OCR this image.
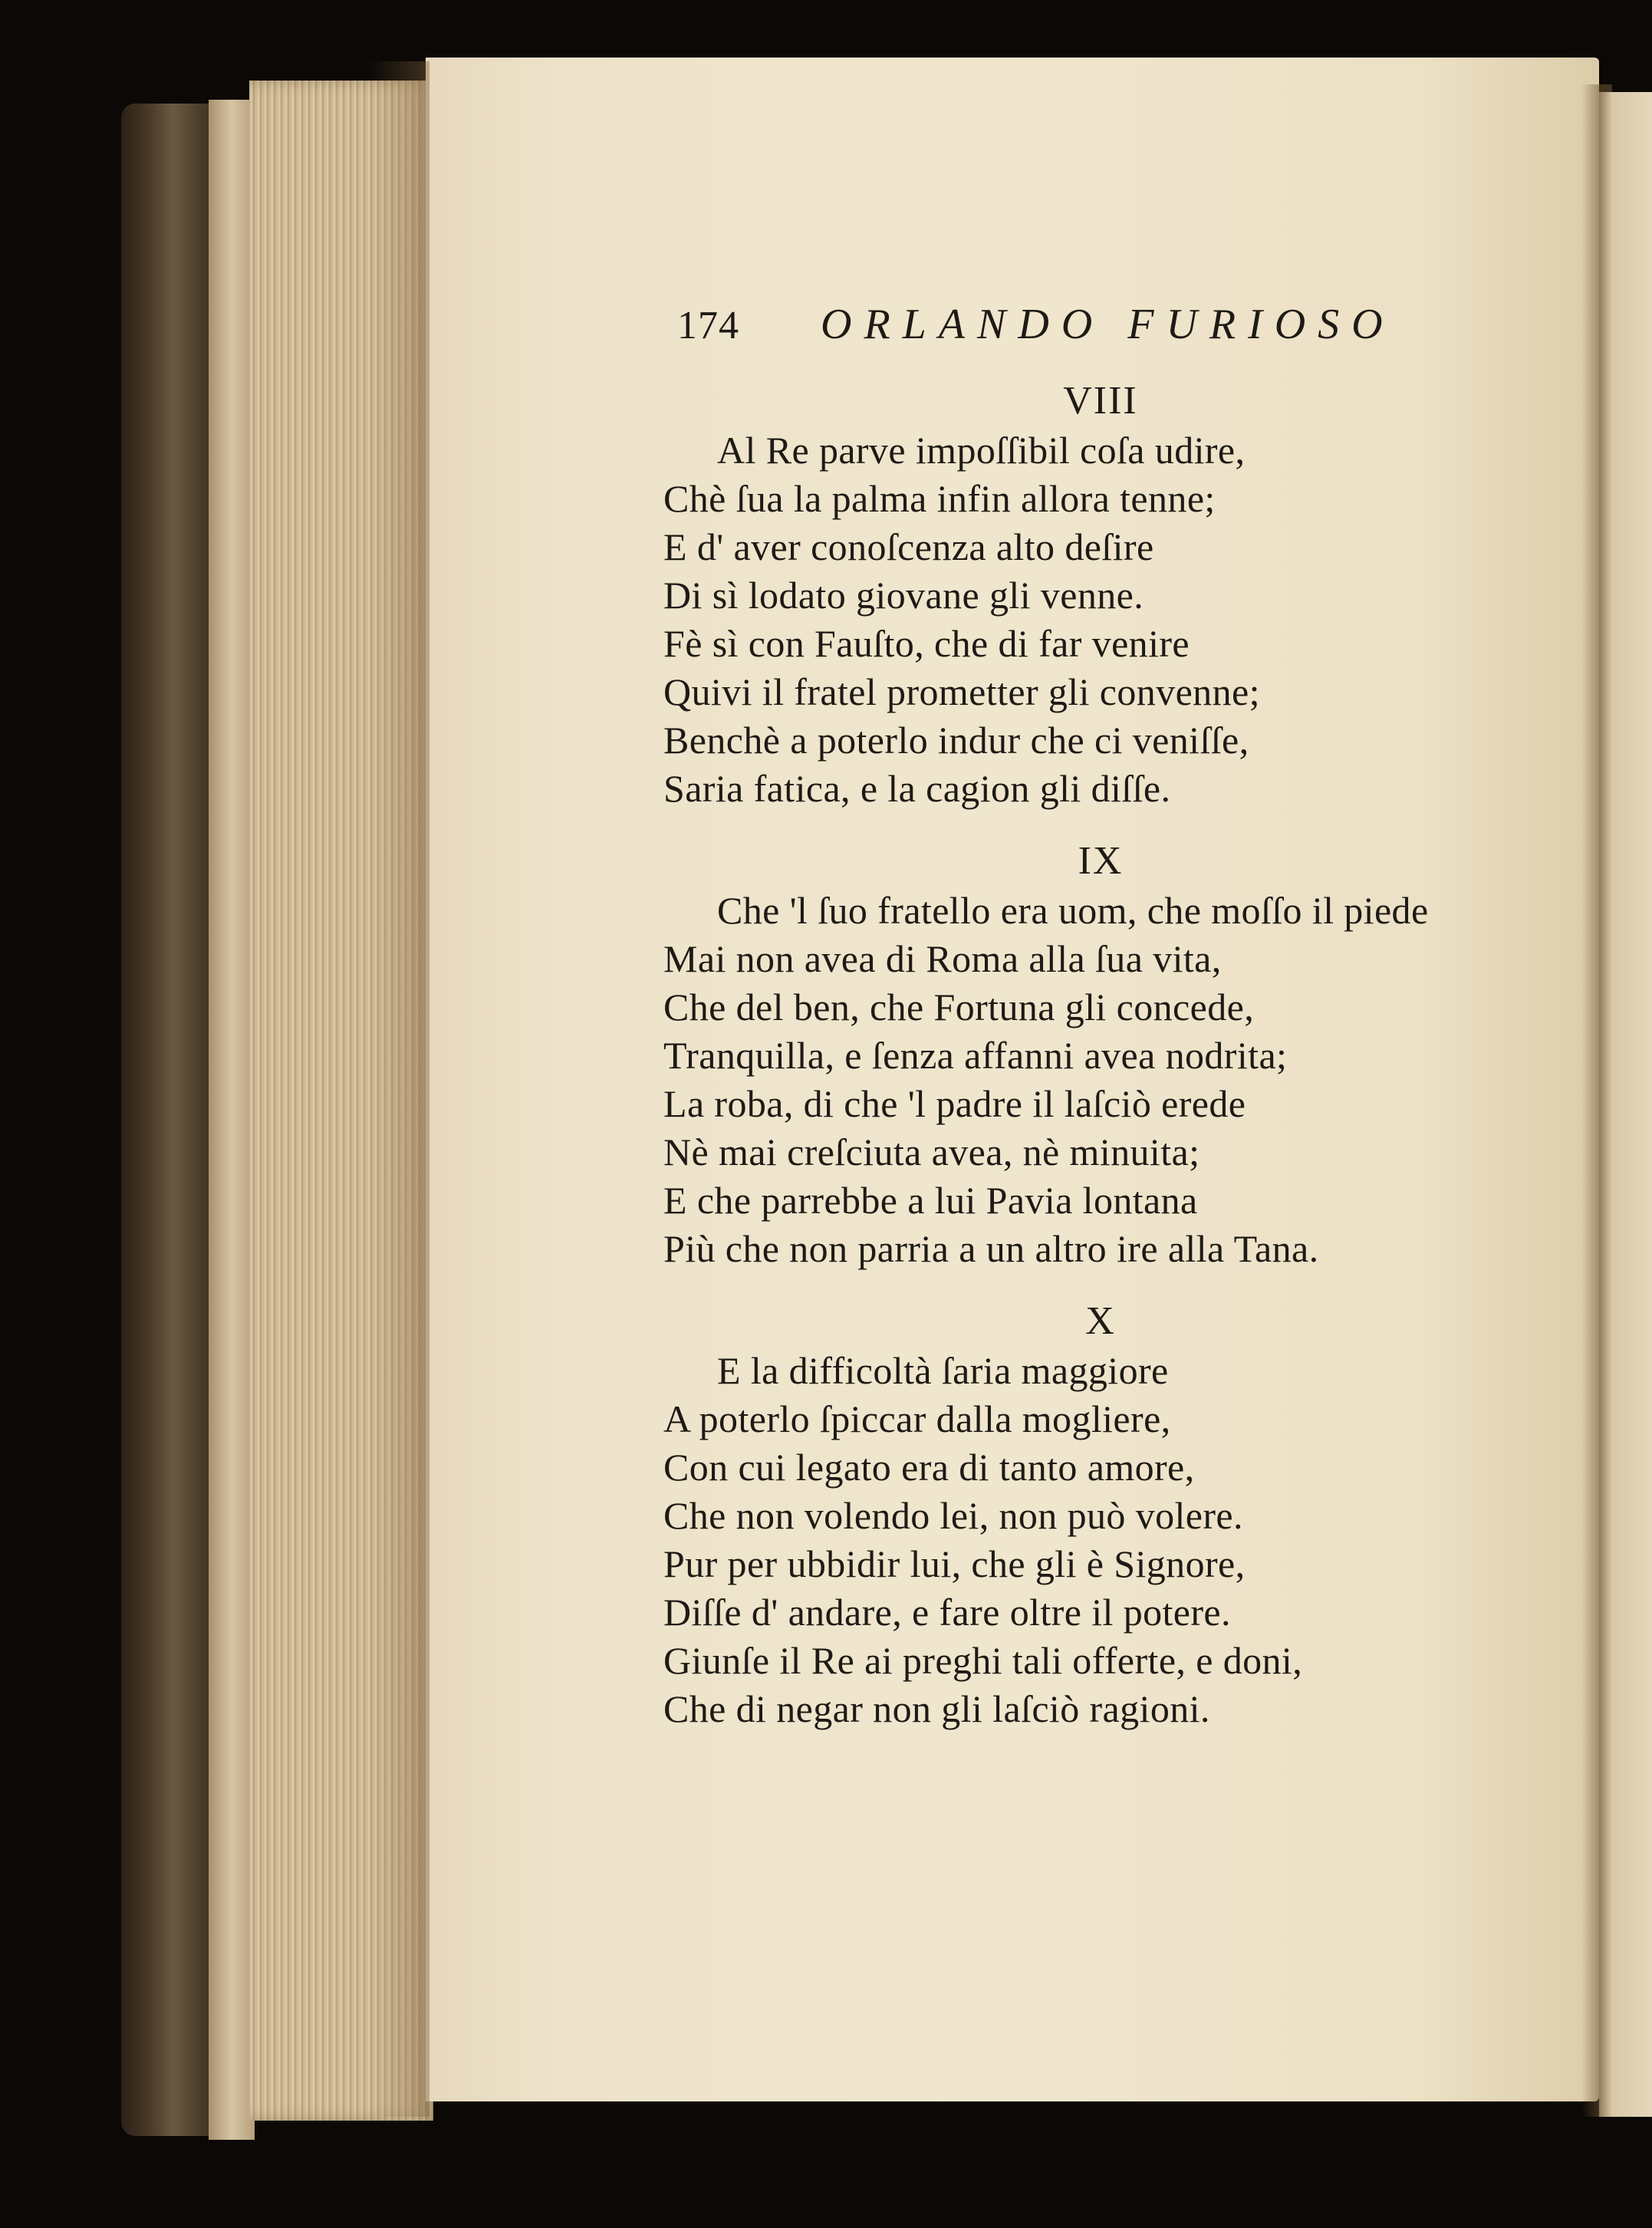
174 ORLANDO FURIOSO
VIII
Al Re parve impoſſibil coſa udire,
Chè ſua la palma infin allora tenne;
E d' aver conoſcenza alto deſire
Di sì lodato giovane gli venne.
Fè sì con Fauſto, che di far venire
Quivi il fratel prometter gli convenne;
Benchè a poterlo indur che ci veniſſe,
Saria fatica, e la cagion gli diſſe.
IX
Che 'l ſuo fratello era uom, che moſſo il piede
Mai non avea di Roma alla ſua vita,
Che del ben, che Fortuna gli concede,
Tranquilla, e ſenza affanni avea nodrita;
La roba, di che 'l padre il laſciò erede
Nè mai creſciuta avea, nè minuita;
E che parrebbe a lui Pavia lontana
Più che non parria a un altro ire alla Tana.
X
E la difficoltà ſaria maggiore
A poterlo ſpiccar dalla mogliere,
Con cui legato era di tanto amore,
Che non volendo lei, non può volere.
Pur per ubbidir lui, che gli è Signore,
Diſſe d' andare, e fare oltre il potere.
Giunſe il Re ai preghi tali offerte, e doni,
Che di negar non gli laſciò ragioni.
